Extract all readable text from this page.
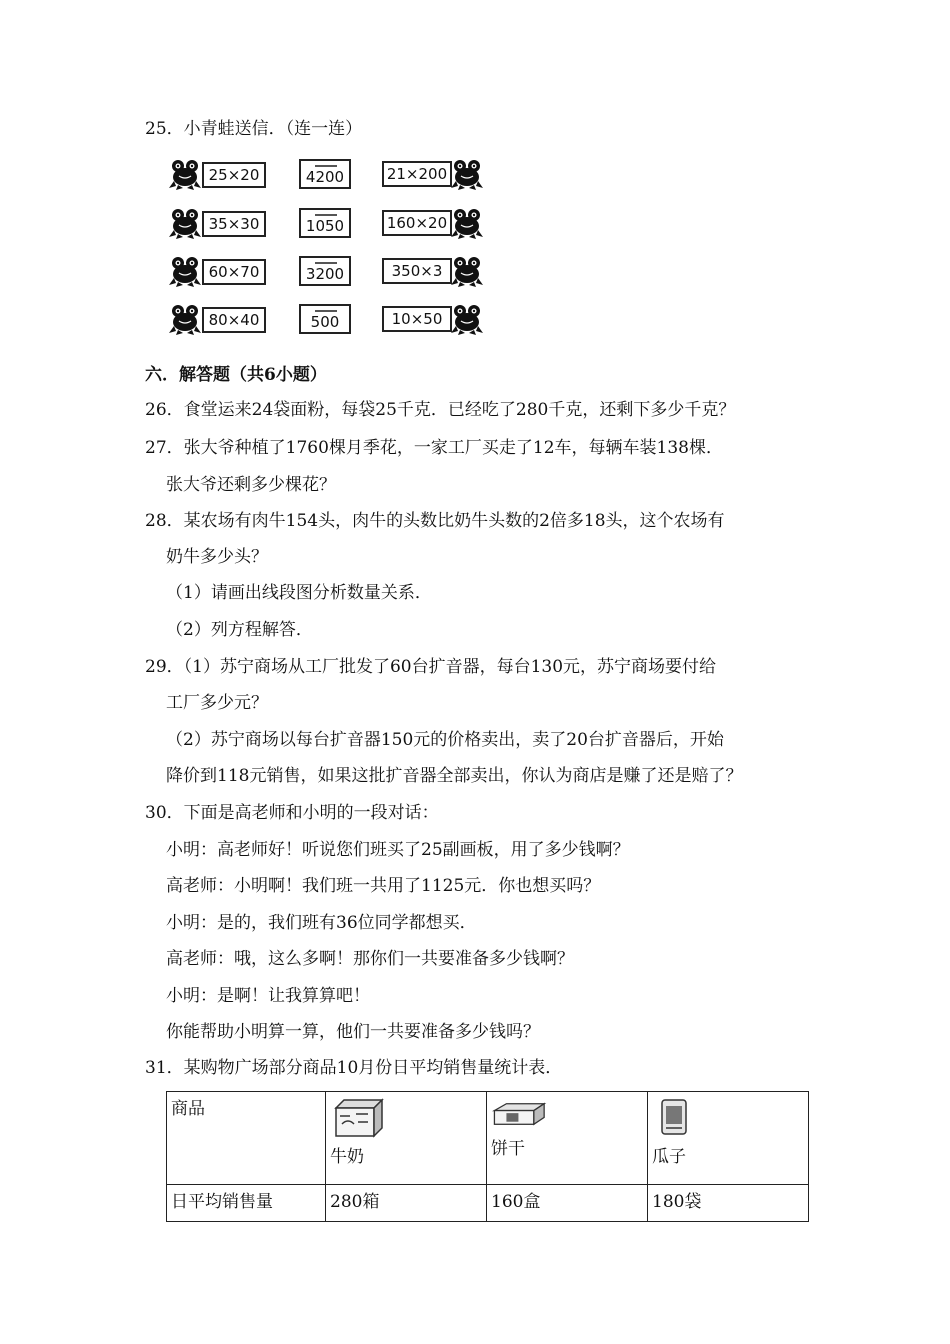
25．小青蛙送信．（连一连）
25×20	4200	21×200
35×30	1050	160×20
60×70	3200	350×3
80×40	500	10×50
六．解答题（共6小题）
26．食堂运来24袋面粉，每袋25千克．已经吃了280千克，还剩下多少千克？
27．张大爷种植了1760棵月季花，一家工厂买走了12车，每辆车装138棵．
张大爷还剩多少棵花？
28．某农场有肉牛154头，肉牛的头数比奶牛头数的2倍多18头，这个农场有
奶牛多少头？
（1）请画出线段图分析数量关系．
（2）列方程解答．
29．（1）苏宁商场从工厂批发了60台扩音器，每台130元，苏宁商场要付给
工厂多少元？
（2）苏宁商场以每台扩音器150元的价格卖出，卖了20台扩音器后，开始
降价到118元销售，如果这批扩音器全部卖出，你认为商店是赚了还是赔了？
30．下面是高老师和小明的一段对话：
小明：高老师好！听说您们班买了25副画板，用了多少钱啊？
高老师：小明啊！我们班一共用了1125元．你也想买吗？
小明：是的，我们班有36位同学都想买．
高老师：哦，这么多啊！那你们一共要准备多少钱啊？
小明：是啊！让我算算吧！
你能帮助小明算一算，他们一共要准备多少钱吗？
31．某购物广场部分商品10月份日平均销售量统计表．
商品	牛奶	饼干	瓜子
日平均销售量	280箱	160盒	180袋
